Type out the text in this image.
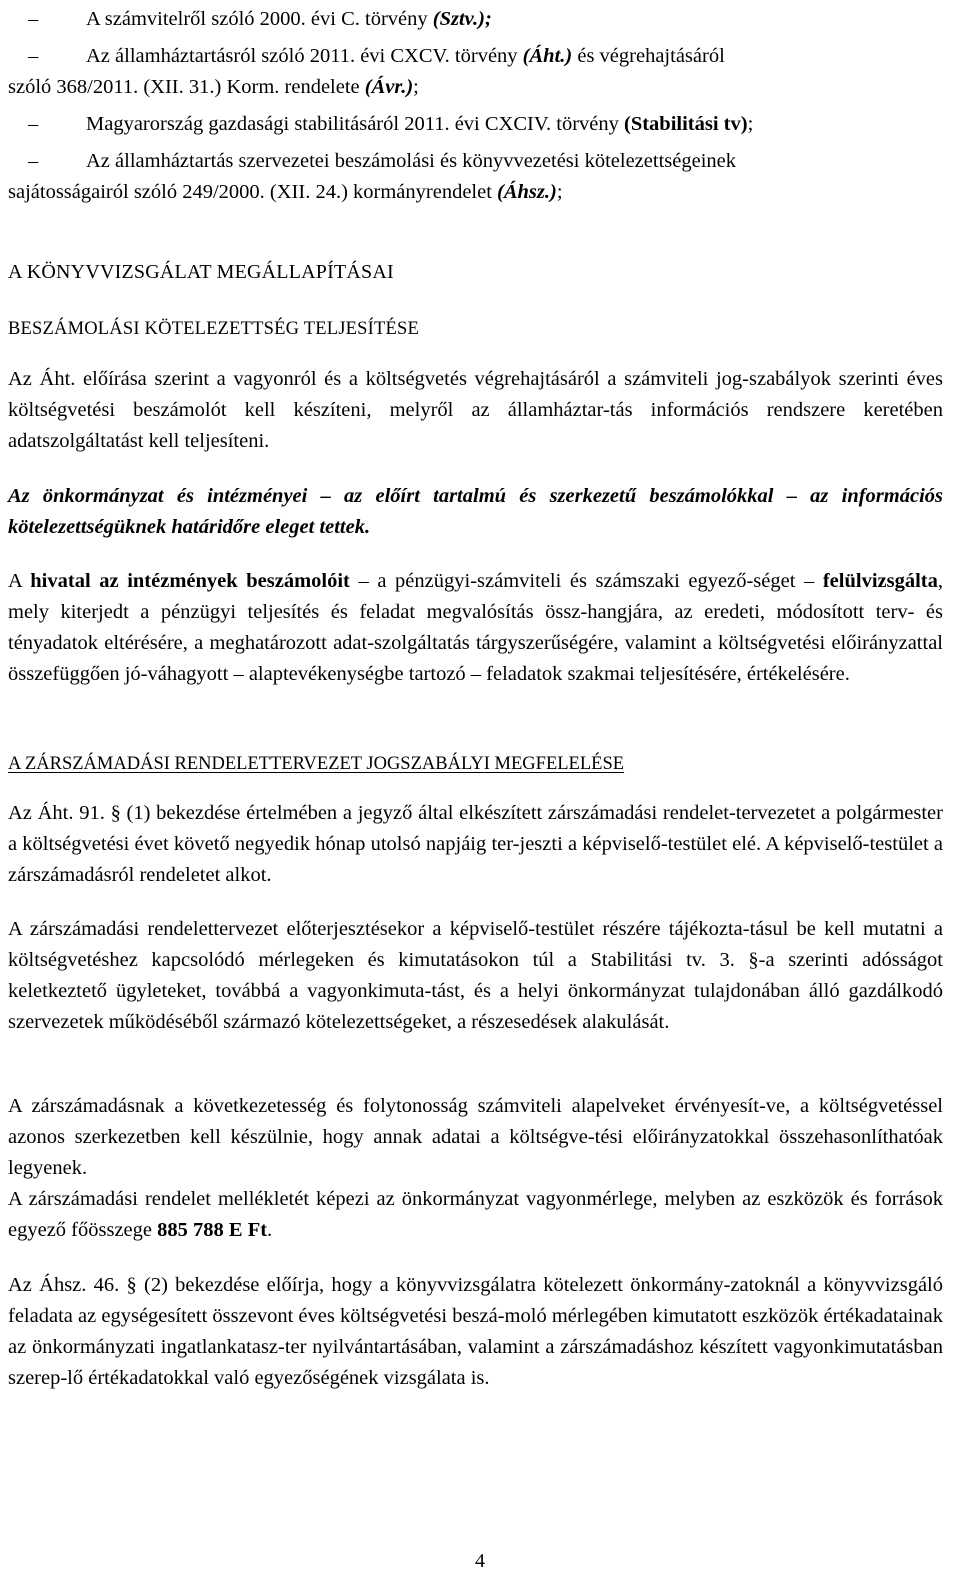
– A számvitelről szóló 2000. évi C. törvény (Sztv.);
– Az államháztartásról szóló 2011. évi CXCV. törvény (Áht.) és végrehajtásáról
szóló 368/2011. (XII. 31.) Korm. rendelete (Ávr.);
– Magyarország gazdasági stabilitásáról 2011. évi CXCIV. törvény (Stabilitási tv);
– Az államháztartás szervezetei beszámolási és könyvvezetési kötelezettségeinek
sajátosságairól szóló 249/2000. (XII. 24.) kormányrendelet (Áhsz.);
A KÖNYVVIZSGÁLAT MEGÁLLAPÍTÁSAI
BESZÁMOLÁSI KÖTELEZETTSÉG TELJESÍTÉSE
Az Áht. előírása szerint a vagyonról és a költségvetés végrehajtásáról a számviteli jog-szabályok szerinti éves költségvetési beszámolót kell készíteni, melyről az államháztar-tás információs rendszere keretében adatszolgáltatást kell teljesíteni.
Az önkormányzat és intézményei – az előírt tartalmú és szerkezetű beszámolókkal – az információs kötelezettségüknek határidőre eleget tettek.
A hivatal az intézmények beszámolóit – a pénzügyi-számviteli és számszaki egyező-séget – felülvizsgálta, mely kiterjedt a pénzügyi teljesítés és feladat megvalósítás össz-hangjára, az eredeti, módosított terv- és tényadatok eltérésére, a meghatározott adat-szolgáltatás tárgyszerűségére, valamint a költségvetési előirányzattal összefüggően jó-váhagyott – alaptevékenységbe tartozó – feladatok szakmai teljesítésére, értékelésére.
A ZÁRSZÁMADÁSI RENDELETTERVEZET JOGSZABÁLYI MEGFELELÉSE
Az Áht. 91. § (1) bekezdése értelmében a jegyző által elkészített zárszámadási rendelet-tervezetet a polgármester a költségvetési évet követő negyedik hónap utolsó napjáig ter-jeszti a képviselő-testület elé. A képviselő-testület a zárszámadásról rendeletet alkot.
A zárszámadási rendelettervezet előterjesztésekor a képviselő-testület részére tájékozta-tásul be kell mutatni a költségvetéshez kapcsolódó mérlegeken és kimutatásokon túl a Stabilitási tv. 3. §-a szerinti adósságot keletkeztető ügyleteket, továbbá a vagyonkimuta-tást, és a helyi önkormányzat tulajdonában álló gazdálkodó szervezetek működéséből származó kötelezettségeket, a részesedések alakulását.
A zárszámadásnak a következetesség és folytonosság számviteli alapelveket érvényesít-ve, a költségvetéssel azonos szerkezetben kell készülnie, hogy annak adatai a költségve-tési előirányzatokkal összehasonlíthatóak legyenek.
A zárszámadási rendelet mellékletét képezi az önkormányzat vagyonmérlege, melyben az eszközök és források egyező főösszege 885 788 E Ft.
Az Áhsz. 46. § (2) bekezdése előírja, hogy a könyvvizsgálatra kötelezett önkormány-zatoknál a könyvvizsgáló feladata az egységesített összevont éves költségvetési beszá-moló mérlegében kimutatott eszközök értékadatainak az önkormányzati ingatlankatasz-ter nyilvántartásában, valamint a zárszámadáshoz készített vagyonkimutatásban szerep-lő értékadatokkal való egyezőségének vizsgálata is.
4
